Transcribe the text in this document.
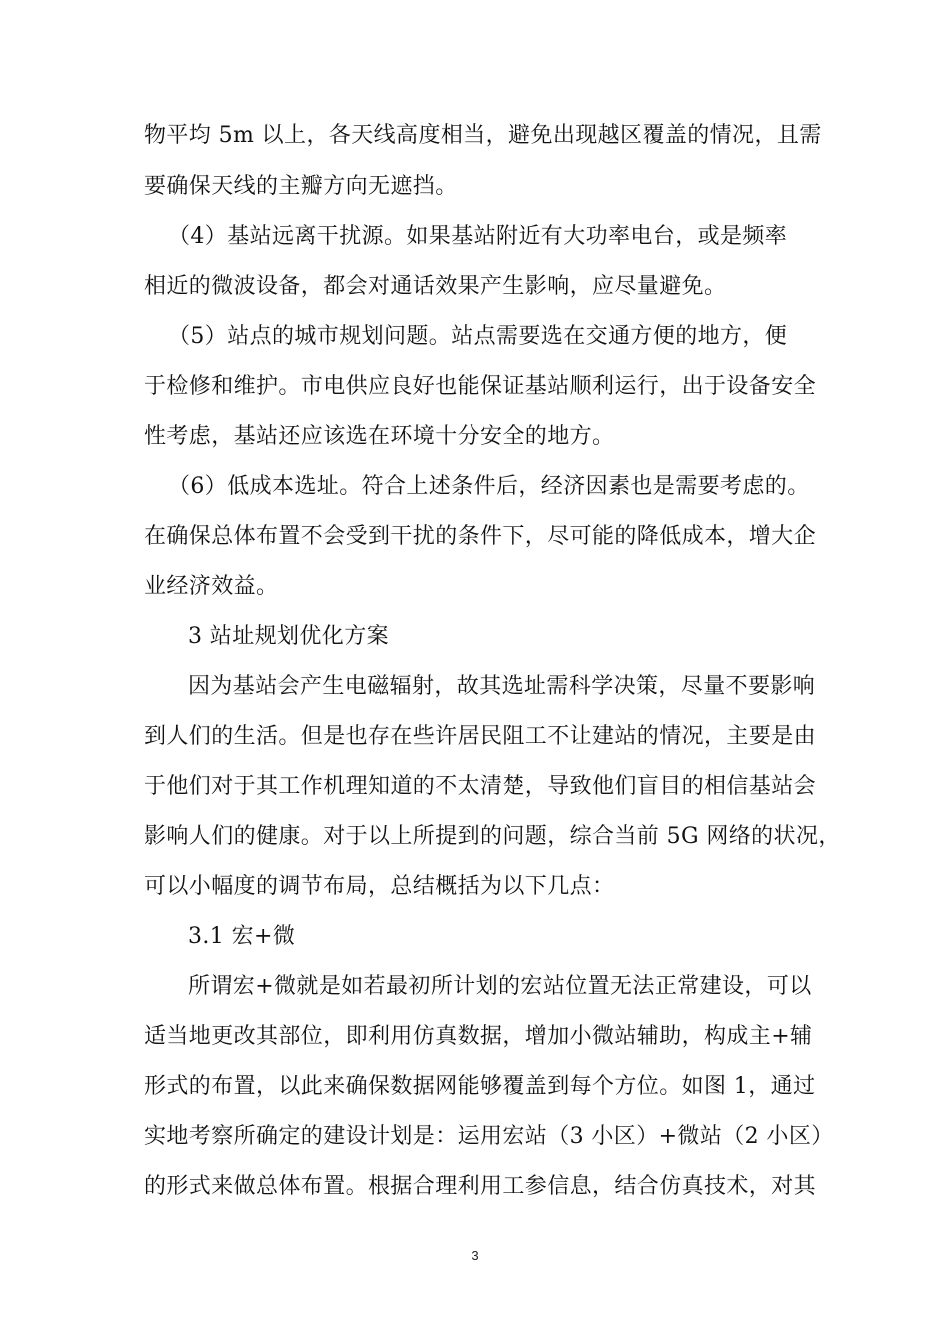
物平均 5m 以上，各天线高度相当，避免出现越区覆盖的情况，且需
要确保天线的主瓣方向无遮挡。
（4）基站远离干扰源。如果基站附近有大功率电台，或是频率
相近的微波设备，都会对通话效果产生影响，应尽量避免。
（5）站点的城市规划问题。站点需要选在交通方便的地方，便
于检修和维护。市电供应良好也能保证基站顺利运行，出于设备安全
性考虑，基站还应该选在环境十分安全的地方。
（6）低成本选址。符合上述条件后，经济因素也是需要考虑的。
在确保总体布置不会受到干扰的条件下，尽可能的降低成本，增大企
业经济效益。
3 站址规划优化方案
因为基站会产生电磁辐射，故其选址需科学决策，尽量不要影响
到人们的生活。但是也存在些许居民阻工不让建站的情况，主要是由
于他们对于其工作机理知道的不太清楚，导致他们盲目的相信基站会
影响人们的健康。对于以上所提到的问题，综合当前 5G 网络的状况，
可以小幅度的调节布局，总结概括为以下几点：
3.1 宏+微
所谓宏+微就是如若最初所计划的宏站位置无法正常建设，可以
适当地更改其部位，即利用仿真数据，增加小微站辅助，构成主+辅
形式的布置，以此来确保数据网能够覆盖到每个方位。如图 1，通过
实地考察所确定的建设计划是：运用宏站（3 小区）+微站（2 小区）
的形式来做总体布置。根据合理利用工参信息，结合仿真技术，对其
3
